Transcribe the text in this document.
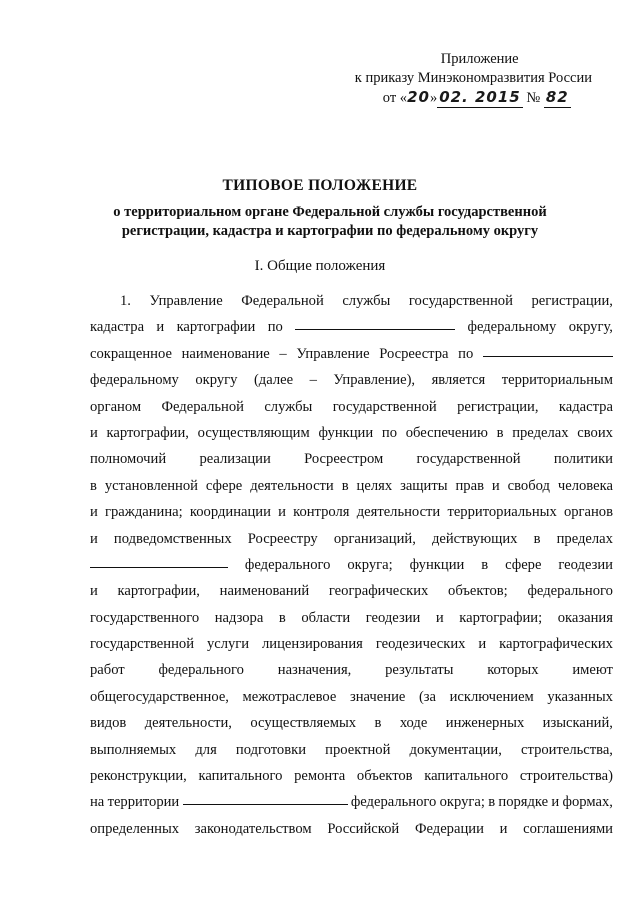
Приложение
к приказу Минэкономразвития России
от «20» 02. 2015 № 82
ТИПОВОЕ ПОЛОЖЕНИЕ
о территориальном органе Федеральной службы государственной
регистрации, кадастра и картографии по федеральному округу
I. Общие положения
1. Управление Федеральной службы государственной регистрации,
кадастра и картографии по	федеральному округу,
сокращенное наименование – Управление Росреестра по
федеральному округу (далее – Управление), является территориальным
органом Федеральной службы государственной регистрации, кадастра
и картографии, осуществляющим функции по обеспечению в пределах своих
полномочий реализации Росреестром государственной политики
в установленной сфере деятельности в целях защиты прав и свобод человека
и гражданина; координации и контроля деятельности территориальных органов
и подведомственных Росреестру организаций, действующих в пределах
федерального округа; функции в сфере геодезии
и картографии, наименований географических объектов; федерального
государственного надзора в области геодезии и картографии; оказания
государственной услуги лицензирования геодезических и картографических
работ федерального назначения, результаты которых имеют
общегосударственное, межотраслевое значение (за исключением указанных
видов деятельности, осуществляемых в ходе инженерных изысканий,
выполняемых для подготовки проектной документации, строительства,
реконструкции, капитального ремонта объектов капитального строительства)
на территории	федерального округа; в порядке и формах,
определенных законодательством Российской Федерации и соглашениями
